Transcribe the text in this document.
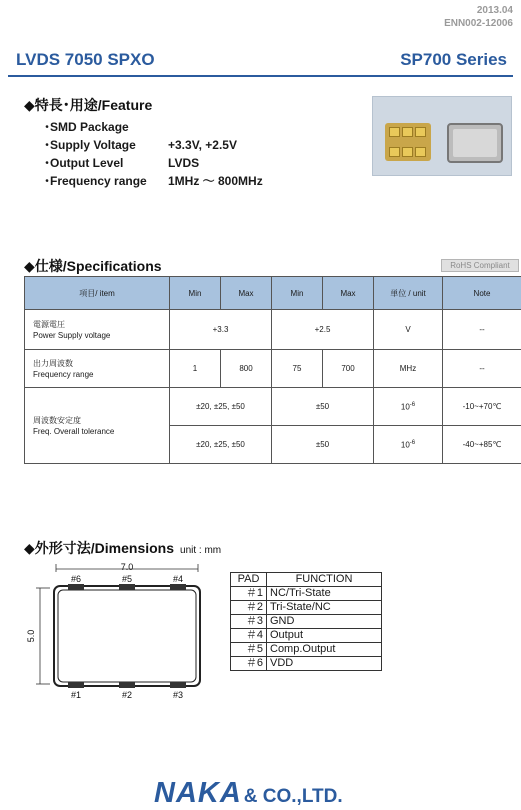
2013.04
ENN002-12006
LVDS 7050 SPXO	SP700 Series
◆特長･用途/Feature
･SMD Package
･Supply Voltage	+3.3V, +2.5V
･Output Level	LVDS
･Frequency range 1MHz ～ 800MHz
◆仕様/Specifications	RoHS Compliant
項目/ item	Min	Max	Min	Max	単位 / unit	Note

電源電圧
Power Supply voltage	+3.3		+2.5		V	--

出力周波数
Frequency range	1	800	75	700	MHz	--

周波数安定度
Freq. Overall tolerance	±20, ±25, ±50		±50		$10^{-6}$	-10~+70℃
	±20, ±25, ±50		±50		$10^{-6}$	-40~+85℃
◆外形寸法/Dimensions unit : mm
7.0
5.0
#6	#5	#4
#1	#2	#3
PAD	FUNCTION
＃1	NC/Tri-State
＃2	Tri-State/NC
＃3	GND
＃4	Output
＃5	Comp.Output
＃6	VDD
NAKA & CO.,LTD.
